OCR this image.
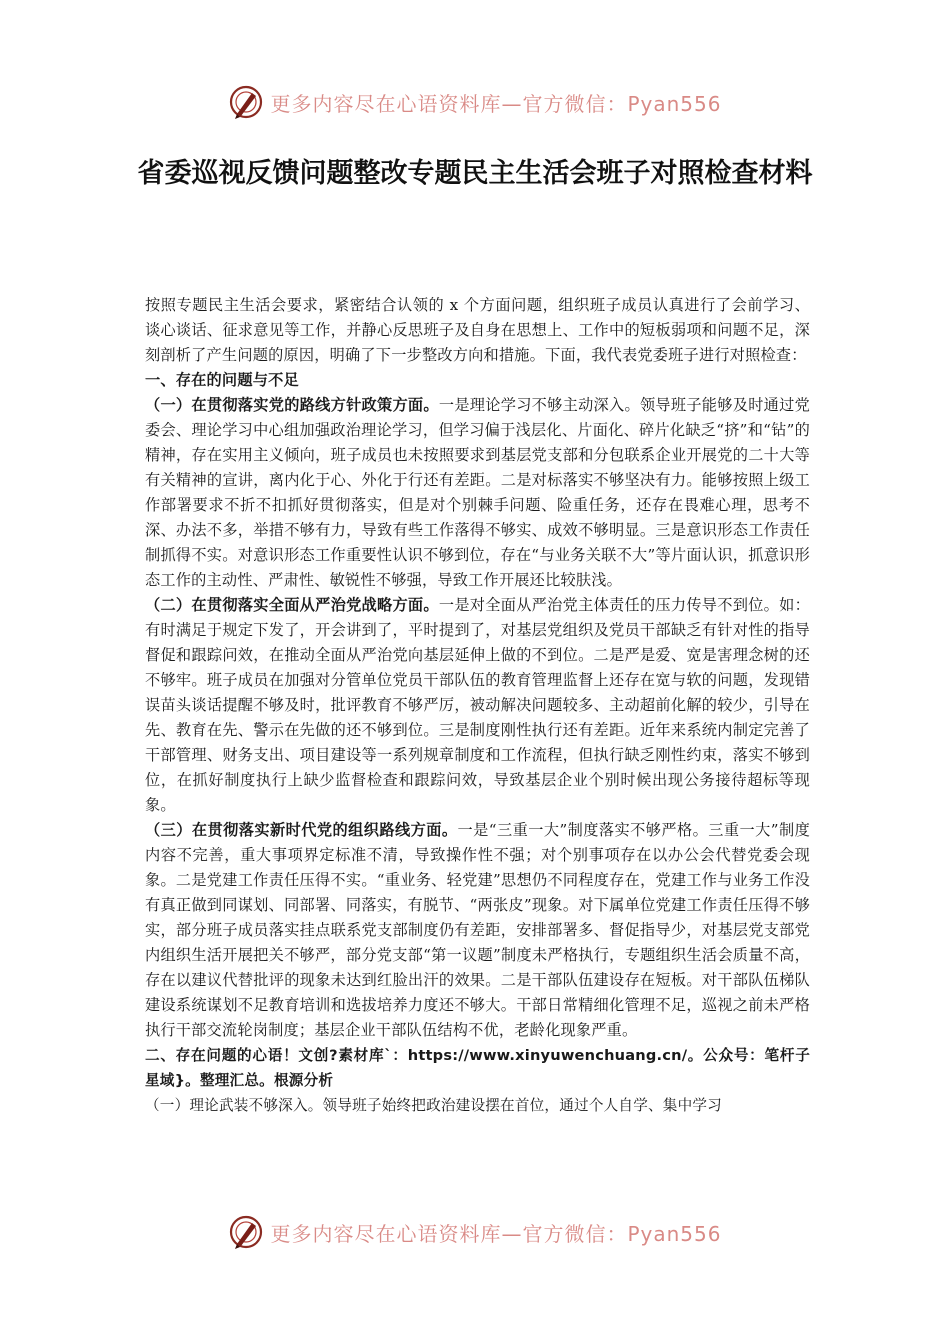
更多内容尽在心语资料库—官方微信：Pyan556
省委巡视反馈问题整改专题民主生活会班子对照检查材料

按照专题民主生活会要求，紧密结合认领的 x 个方面问题，组织班子成员认真进行了会前学习、谈心谈话、征求意见等工作，并静心反思班子及自身在思想上、工作中的短板弱项和问题不足，深刻剖析了产生问题的原因，明确了下一步整改方向和措施。下面，我代表党委班子进行对照检查：

一、存在的问题与不足

（一）在贯彻落实党的路线方针政策方面。一是理论学习不够主动深入。领导班子能够及时通过党委会、理论学习中心组加强政治理论学习，但学习偏于浅层化、片面化、碎片化缺乏“挤”和“钻”的精神，存在实用主义倾向，班子成员也未按照要求到基层党支部和分包联系企业开展党的二十大等有关精神的宣讲，离内化于心、外化于行还有差距。二是对标落实不够坚决有力。能够按照上级工作部署要求不折不扣抓好贯彻落实，但是对个别棘手问题、险重任务，还存在畏难心理，思考不深、办法不多，举措不够有力，导致有些工作落得不够实、成效不够明显。三是意识形态工作责任制抓得不实。对意识形态工作重要性认识不够到位，存在“与业务关联不大”等片面认识，抓意识形态工作的主动性、严肃性、敏锐性不够强，导致工作开展还比较肤浅。

（二）在贯彻落实全面从严治党战略方面。一是对全面从严治党主体责任的压力传导不到位。如：有时满足于规定下发了，开会讲到了，平时提到了，对基层党组织及党员干部缺乏有针对性的指导督促和跟踪问效，在推动全面从严治党向基层延伸上做的不到位。二是严是爱、宽是害理念树的还不够牢。班子成员在加强对分管单位党员干部队伍的教育管理监督上还存在宽与软的问题，发现错误苗头谈话提醒不够及时，批评教育不够严厉，被动解决问题较多、主动超前化解的较少，引导在先、教育在先、警示在先做的还不够到位。三是制度刚性执行还有差距。近年来系统内制定完善了干部管理、财务支出、项目建设等一系列规章制度和工作流程，但执行缺乏刚性约束，落实不够到位，在抓好制度执行上缺少监督检查和跟踪问效，导致基层企业个别时候出现公务接待超标等现象。

（三）在贯彻落实新时代党的组织路线方面。一是“三重一大”制度落实不够严格。三重一大”制度内容不完善，重大事项界定标准不清，导致操作性不强；对个别事项存在以办公会代替党委会现象。二是党建工作责任压得不实。“重业务、轻党建”思想仍不同程度存在，党建工作与业务工作没有真正做到同谋划、同部署、同落实，有脱节、“两张皮”现象。对下属单位党建工作责任压得不够实，部分班子成员落实挂点联系党支部制度仍有差距，安排部署多、督促指导少，对基层党支部党内组织生活开展把关不够严，部分党支部“第一议题”制度未严格执行，专题组织生活会质量不高，存在以建议代替批评的现象未达到红脸出汗的效果。二是干部队伍建设存在短板。对干部队伍梯队建设系统谋划不足教育培训和选拔培养力度还不够大。干部日常精细化管理不足，巡视之前未严格执行干部交流轮岗制度；基层企业干部队伍结构不优，老龄化现象严重。

二、存在问题的心语！文创?素材库`：https://www.xinyuwenchuang.cn/。公众号：笔杆子星域}。整理汇总。根源分析

（一）理论武装不够深入。领导班子始终把政治建设摆在首位，通过个人自学、集中学习

更多内容尽在心语资料库—官方微信：Pyan556
